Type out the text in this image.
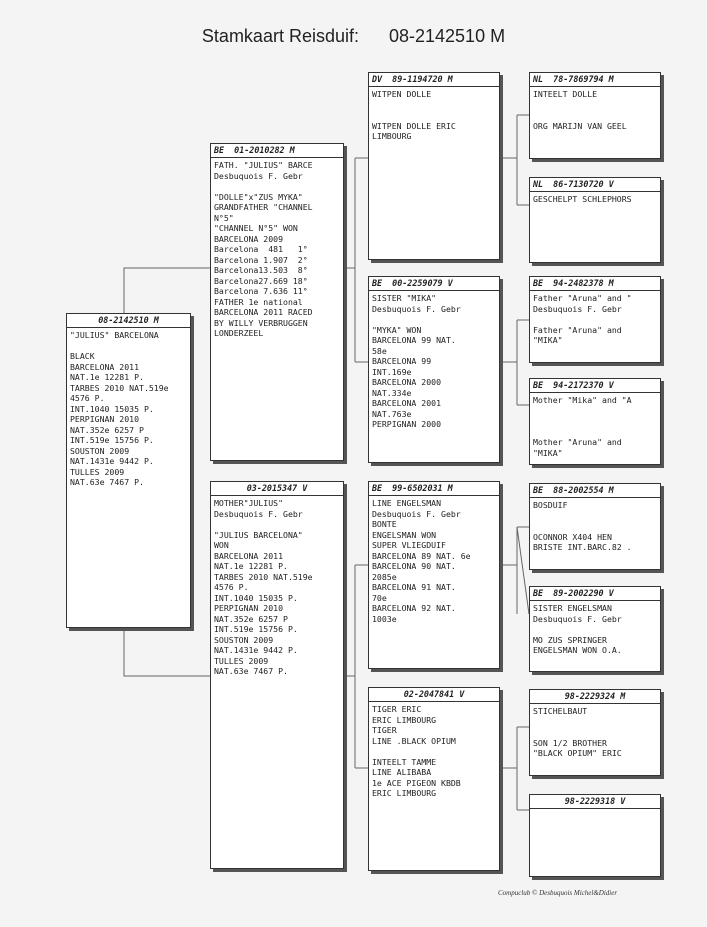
Stamkaart Reisduif: 08-2142510 M
08-2142510 M
"JULIUS" BARCELONA
BLACK
BARCELONA 2011
NAT.1e 12281 P.
TARBES 2010 NAT.519e
4576 P.
INT.1040 15035 P.
PERPIGNAN 2010
NAT.352e 6257 P
INT.519e 15756 P.
SOUSTON 2009
NAT.1431e 9442 P.
TULLES 2009
NAT.63e 7467 P.
BE  01-2010282 M
FATH. "JULIUS" BARCE
Desbuquois F. Gebr
"DOLLE"x"ZUS MYKA"
GRANDFATHER "CHANNEL
N°5"
"CHANNEL N°5" WON
BARCELONA 2009
Barcelona  481   1°
Barcelona 1.907  2°
Barcelona13.503  8°
Barcelona27.669 18°
Barcelona 7.636 11°
FATHER 1e national
BARCELONA 2011 RACED
BY WILLY VERBRUGGEN
LONDERZEEL
03-2015347 V
MOTHER"JULIUS"
Desbuquois F. Gebr
"JULIUS BARCELONA"
WON
BARCELONA 2011
NAT.1e 12281 P.
TARBES 2010 NAT.519e
4576 P.
INT.1040 15035 P.
PERPIGNAN 2010
NAT.352e 6257 P
INT.519e 15756 P.
SOUSTON 2009
NAT.1431e 9442 P.
TULLES 2009
NAT.63e 7467 P.
DV  89-1194720 M
WITPEN DOLLE
WITPEN DOLLE ERIC
LIMBOURG
BE  00-2259079 V
SISTER "MIKA"
Desbuquois F. Gebr
"MYKA" WON
BARCELONA 99 NAT.
58e
BARCELONA 99
INT.169e
BARCELONA 2000
NAT.334e
BARCELONA 2001
NAT.763e
PERPIGNAN 2000
BE  99-6502031 M
LINE ENGELSMAN
Desbuquois F. Gebr
BONTE
ENGELSMAN WON
SUPER VLIEGDUIF
BARCELONA 89 NAT. 6e
BARCELONA 90 NAT.
2085e
BARCELONA 91 NAT.
70e
BARCELONA 92 NAT.
1003e
02-2047841 V
TIGER ERIC
ERIC LIMBOURG
TIGER
LINE .BLACK OPIUM
INTEELT TAMME
LINE ALIBABA
1e ACE PIGEON KBDB
ERIC LIMBOURG
NL  78-7869794 M
INTEELT DOLLE
ORG MARIJN VAN GEEL
NL  86-7130720 V
GESCHELPT SCHLEPHORS
BE  94-2482378 M
Father "Aruna" and "
Desbuquois F. Gebr
Father "Aruna" and
"MIKA"
BE  94-2172370 V
Mother "Mika" and "A
Mother "Aruna" and
"MIKA"
BE  88-2002554 M
BOSDUIF
OCONNOR X404 HEN
BRISTE INT.BARC.82 .
BE  89-2002290 V
SISTER ENGELSMAN
Desbuquois F. Gebr
MO ZUS SPRINGER
ENGELSMAN WON O.A.
98-2229324 M
STICHELBAUT
SON 1/2 BROTHER
"BLACK OPIUM" ERIC
98-2229318 V
Compuclub © Desbuquois Michel&Didier
